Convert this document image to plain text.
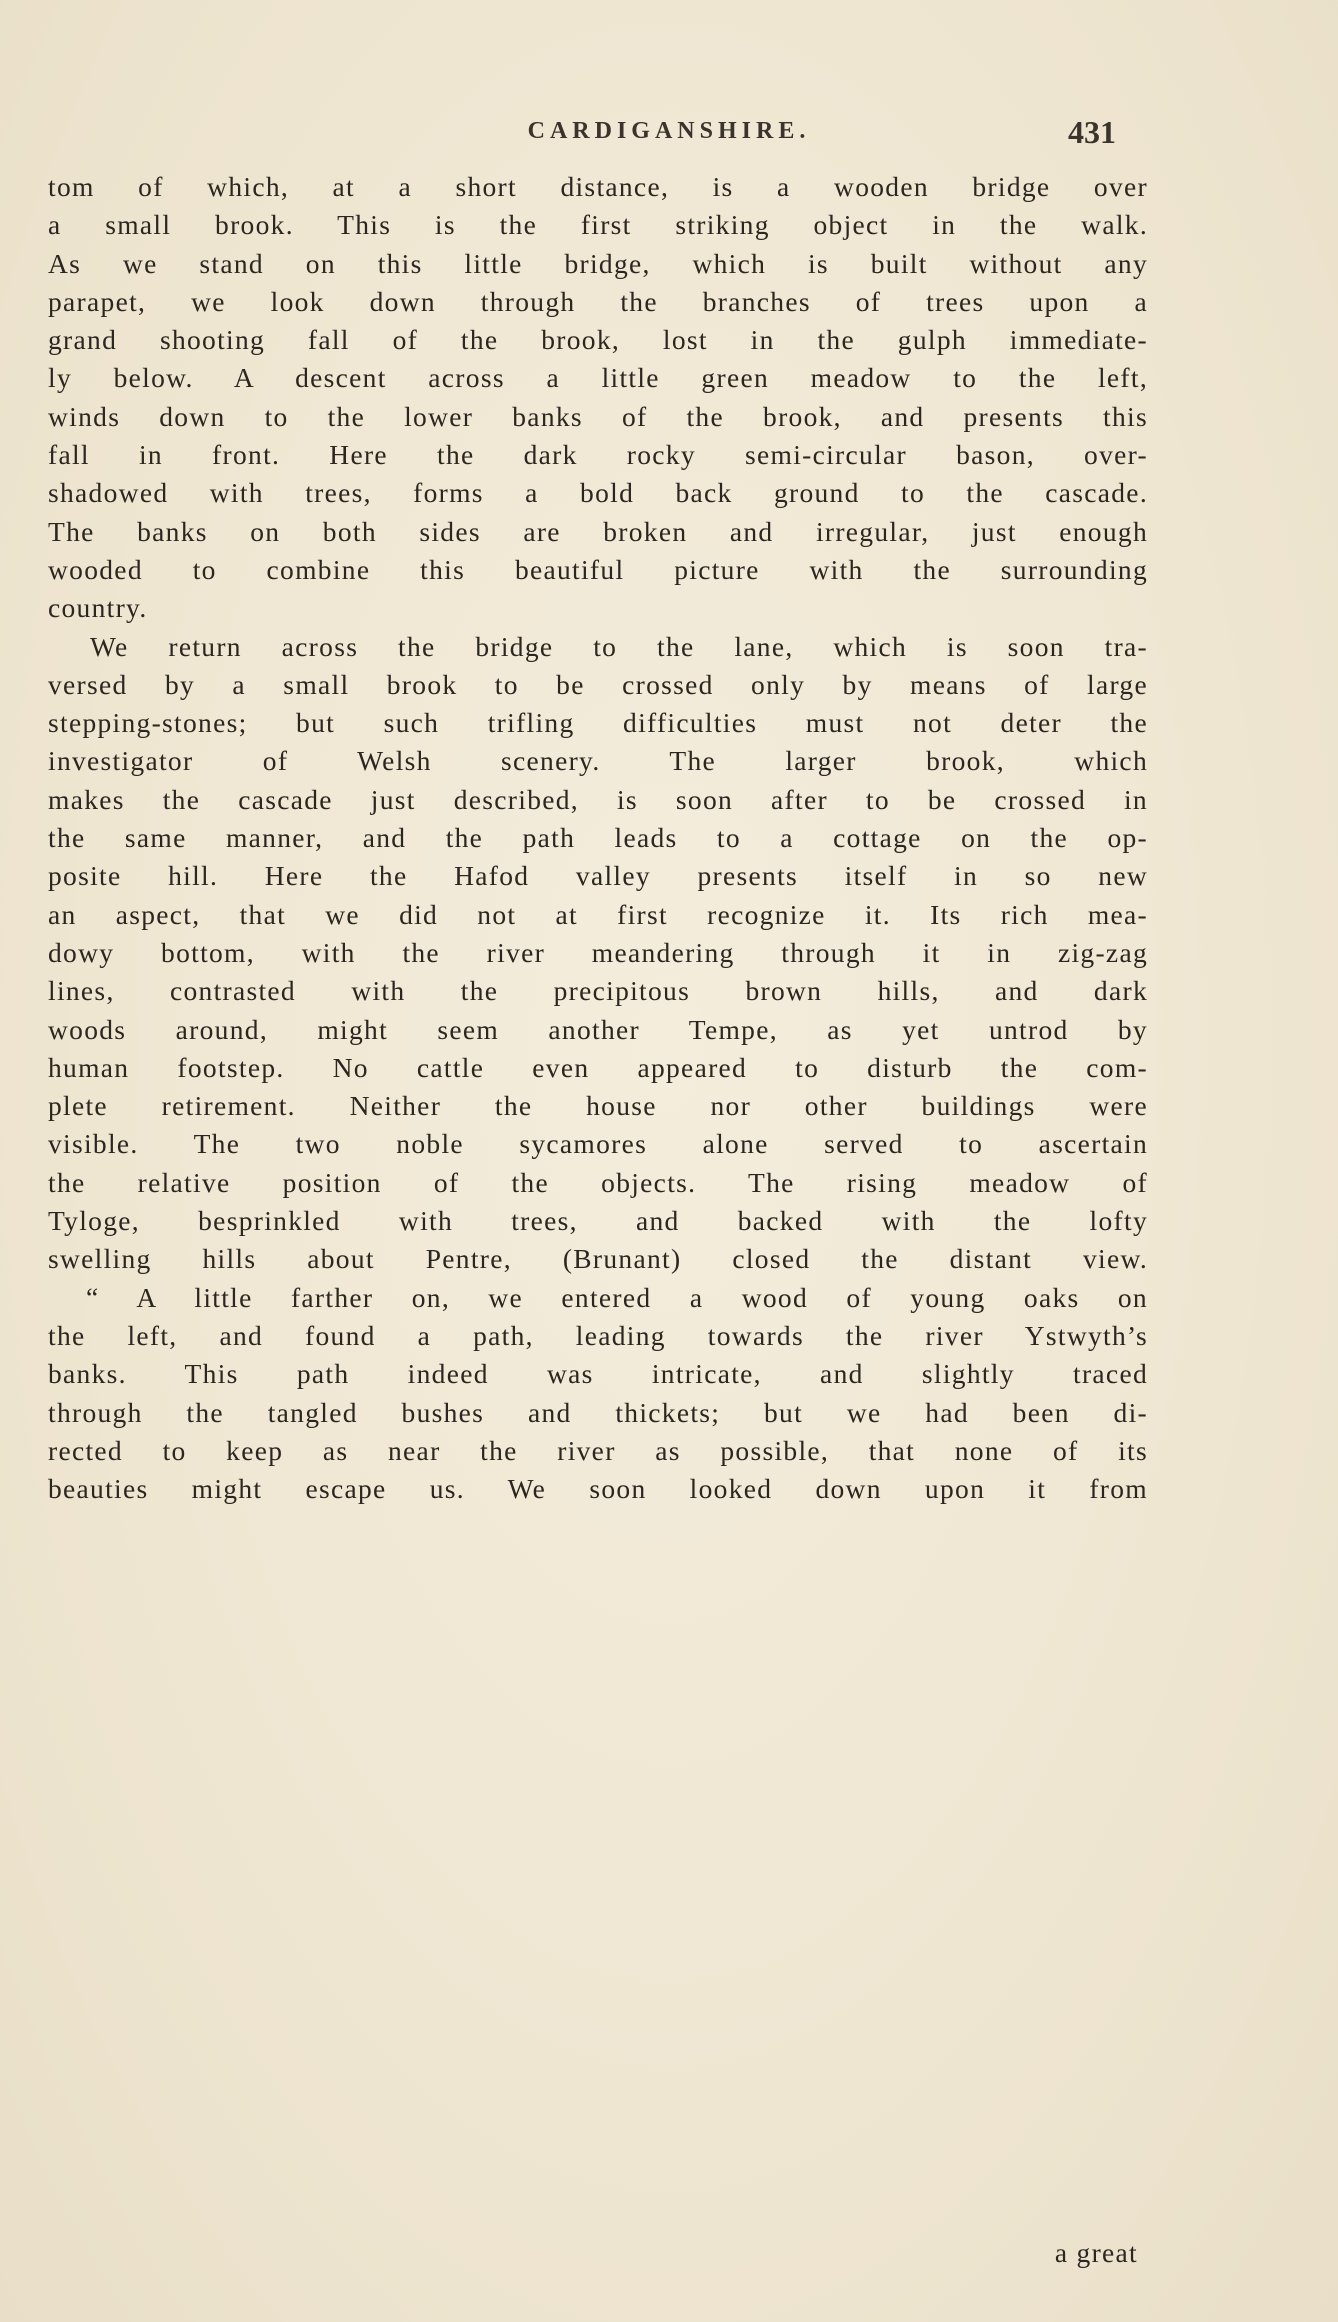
CARDIGANSHIRE.	431
tom of which, at a short distance, is a wooden bridge over
a small brook. This is the first striking object in the walk.
As we stand on this little bridge, which is built without any
parapet, we look down through the branches of trees upon a
grand shooting fall of the brook, lost in the gulph immediate-
ly below. A descent across a little green meadow to the left,
winds down to the lower banks of the brook, and presents this
fall in front. Here the dark rocky semi-circular bason, over-
shadowed with trees, forms a bold back ground to the cascade.
The banks on both sides are broken and irregular, just enough
wooded to combine this beautiful picture with the surrounding
country.
We return across the bridge to the lane, which is soon tra-
versed by a small brook to be crossed only by means of large
stepping-stones; but such trifling difficulties must not deter the
investigator of Welsh scenery. The larger brook, which
makes the cascade just described, is soon after to be crossed in
the same manner, and the path leads to a cottage on the op-
posite hill. Here the Hafod valley presents itself in so new
an aspect, that we did not at first recognize it. Its rich mea-
dowy bottom, with the river meandering through it in zig-zag
lines, contrasted with the precipitous brown hills, and dark
woods around, might seem another Tempe, as yet untrod by
human footstep. No cattle even appeared to disturb the com-
plete retirement. Neither the house nor other buildings were
visible. The two noble sycamores alone served to ascertain
the relative position of the objects. The rising meadow of
Tyloge, besprinkled with trees, and backed with the lofty
swelling hills about Pentre, (Brunant) closed the distant view.
“ A little farther on, we entered a wood of young oaks on
the left, and found a path, leading towards the river Ystwyth’s
banks. This path indeed was intricate, and slightly traced
through the tangled bushes and thickets; but we had been di-
rected to keep as near the river as possible, that none of its
beauties might escape us. We soon looked down upon it from
a great
